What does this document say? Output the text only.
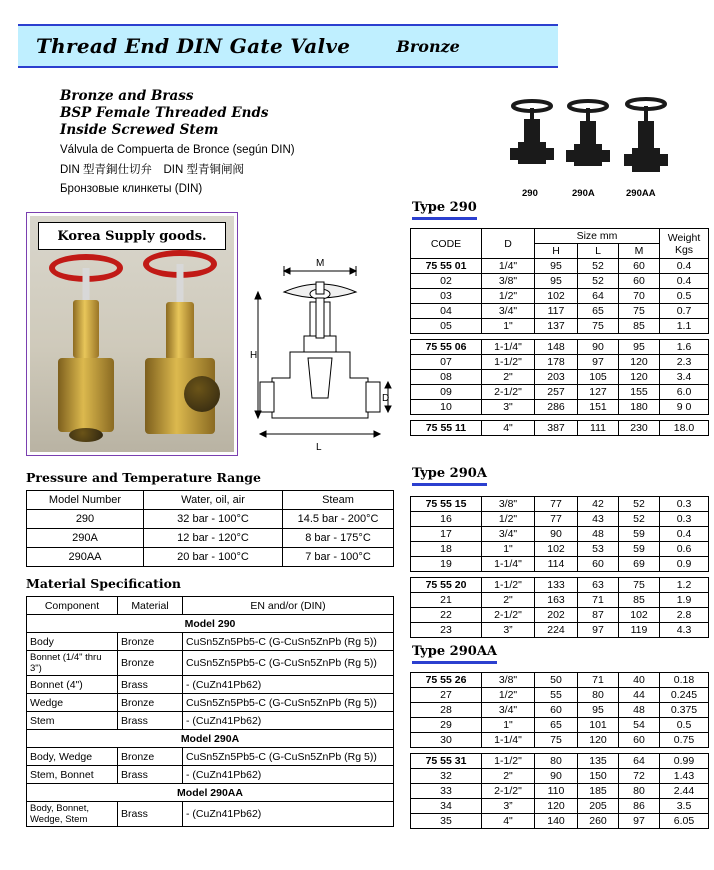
Thread End DIN Gate Valve	Bronze
Bronze and Brass
BSP Female Threaded Ends
Inside Screwed Stem
Válvula de Compuerta de Bronce (según DIN)
DIN 型青銅仕切弁　DIN 型青铜闸阀
Бронзовые клинкеты (DIN)	290	290A	290AA
Korea Supply goods.
M
H
L
D
Pressure and Temperature Range
Model Number	Water, oil, air	Steam
290	32 bar - 100°C	14.5 bar - 200°C
290A	12 bar - 120°C	8 bar - 175°C
290AA	20 bar - 100°C	7 bar - 100°C
Material Specification
Component	Material	EN and/or (DIN)
Model 290		
Body	Bronze	CuSn5Zn5Pb5-C (G-CuSn5ZnPb (Rg 5))
Bonnet (1/4" thru 3")	Bronze	CuSn5Zn5Pb5-C (G-CuSn5ZnPb (Rg 5))
Bonnet (4")	Brass	- (CuZn41Pb62)
Wedge	Bronze	CuSn5Zn5Pb5-C (G-CuSn5ZnPb (Rg 5))
Stem	Brass	- (CuZn41Pb62)
Model 290A		
Body, Wedge	Bronze	CuSn5Zn5Pb5-C (G-CuSn5ZnPb (Rg 5))
Stem, Bonnet	Brass	- (CuZn41Pb62)
Model 290AA		
Body, Bonnet, Wedge, Stem	Brass	- (CuZn41Pb62)
Type 290
CODE	D	Size mm			Weight
Kgs

		H	L	M	
75 55 01	1/4"	95	52	60	0.4
02	3/8"	95	52	60	0.4
03	1/2"	102	64	70	0.5
04	3/4"	117	65	75	0.7
05	1"	137	75	85	1.1

75 55 06	1-1/4"	148	90	95	1.6
07	1-1/2"	178	97	120	2.3
08	2"	203	105	120	3.4
09	2-1/2"	257	127	155	6.0
10	3"	286	151	180	9 0

75 55 11	4"	387	111	230	18.0
Type 290A
75 55 15	3/8"	77	42	52	0.3
16	1/2"	77	43	52	0.3
17	3/4"	90	48	59	0.4
18	1"	102	53	59	0.6
19	1-1/4"	114	60	69	0.9

75 55 20	1-1/2"	133	63	75	1.2
21	2"	163	71	85	1.9
22	2-1/2"	202	87	102	2.8
23	3”	224	97	119	4.3
Type 290AA
75 55 26	3/8"	50	71	40	0.18
27	1/2"	55	80	44	0.245
28	3/4"	60	95	48	0.375
29	1"	65	101	54	0.5
30	1-1/4"	75	120	60	0.75

75 55 31	1-1/2"	80	135	64	0.99
32	2"	90	150	72	1.43
33	2-1/2"	110	185	80	2.44
34	3”	120	205	86	3.5
35	4"	140	260	97	6.05
